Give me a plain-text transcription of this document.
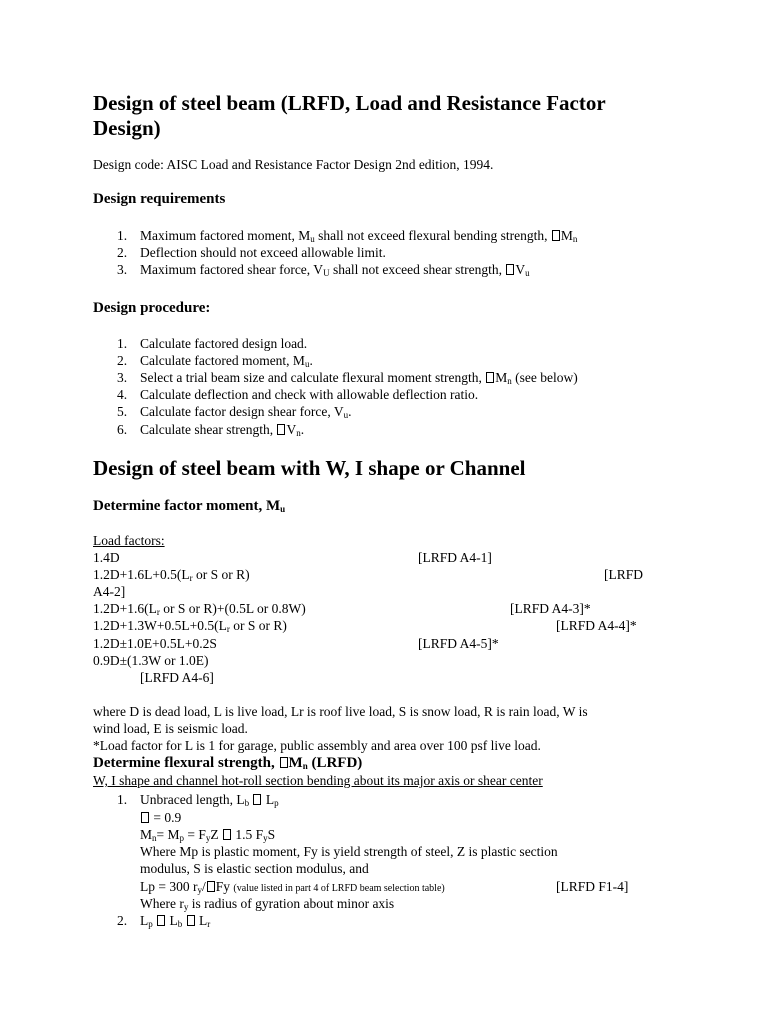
Design of steel beam (LRFD, Load and Resistance Factor
Design)
Design code: AISC Load and Resistance Factor Design 2nd edition, 1994.
Design requirements
1. Maximum factored moment, $M_u$ shall not exceed flexural bending strength, $M_n$
2. Deflection should not exceed allowable limit.
3. Maximum factored shear force, $V_U$ shall not exceed shear strength, $V_u$
Design procedure:
1. Calculate factored design load.
2. Calculate factored moment, $M_u$.
3. Select a trial beam size and calculate flexural moment strength, $M_n$ (see below)
4. Calculate deflection and check with allowable deflection ratio.
5. Calculate factor design shear force, $V_u$.
6. Calculate shear strength, $V_n$.
Design of steel beam with W, I shape or Channel
Determine factor moment, $M_u$
Load factors:
1.4D	[LRFD A4-1]
$1.2D+1.6L+0.5(L_r$ or S or R)	[LRFD
A4-2]
$1.2D+1.6(L_r$ or S or R)+(0.5L or 0.8W)	[LRFD A4-3]*
$1.2D+1.3W+0.5L+0.5(L_r$ or S or R)	[LRFD A4-4]*
1.2D±1.0E+0.5L+0.2S	[LRFD A4-5]*
0.9D±(1.3W or 1.0E)
[LRFD A4-6]
where D is dead load, L is live load, Lr is roof live load, S is snow load, R is rain load, W is
wind load, E is seismic load.
*Load factor for L is 1 for garage, public assembly and area over 100 psf live load.
Determine flexural strength, $M_n$ (LRFD)
W, I shape and channel hot-roll section bending about its major axis or shear center
1. Unbraced length, $L_b$  $L_p$
= 0.9
$M_n= M_p = F_yZ$  1.5 $F_yS$
Where Mp is plastic moment, Fy is yield strength of steel, Z is plastic section
modulus, S is elastic section modulus, and
Lp = 300 $r_y/$ Fy (value listed in part 4 of LRFD beam selection table)	[LRFD F1-4]
Where $r_y$ is radius of gyration about minor axis
2. $L_p$  $L_b$  $L_r$
